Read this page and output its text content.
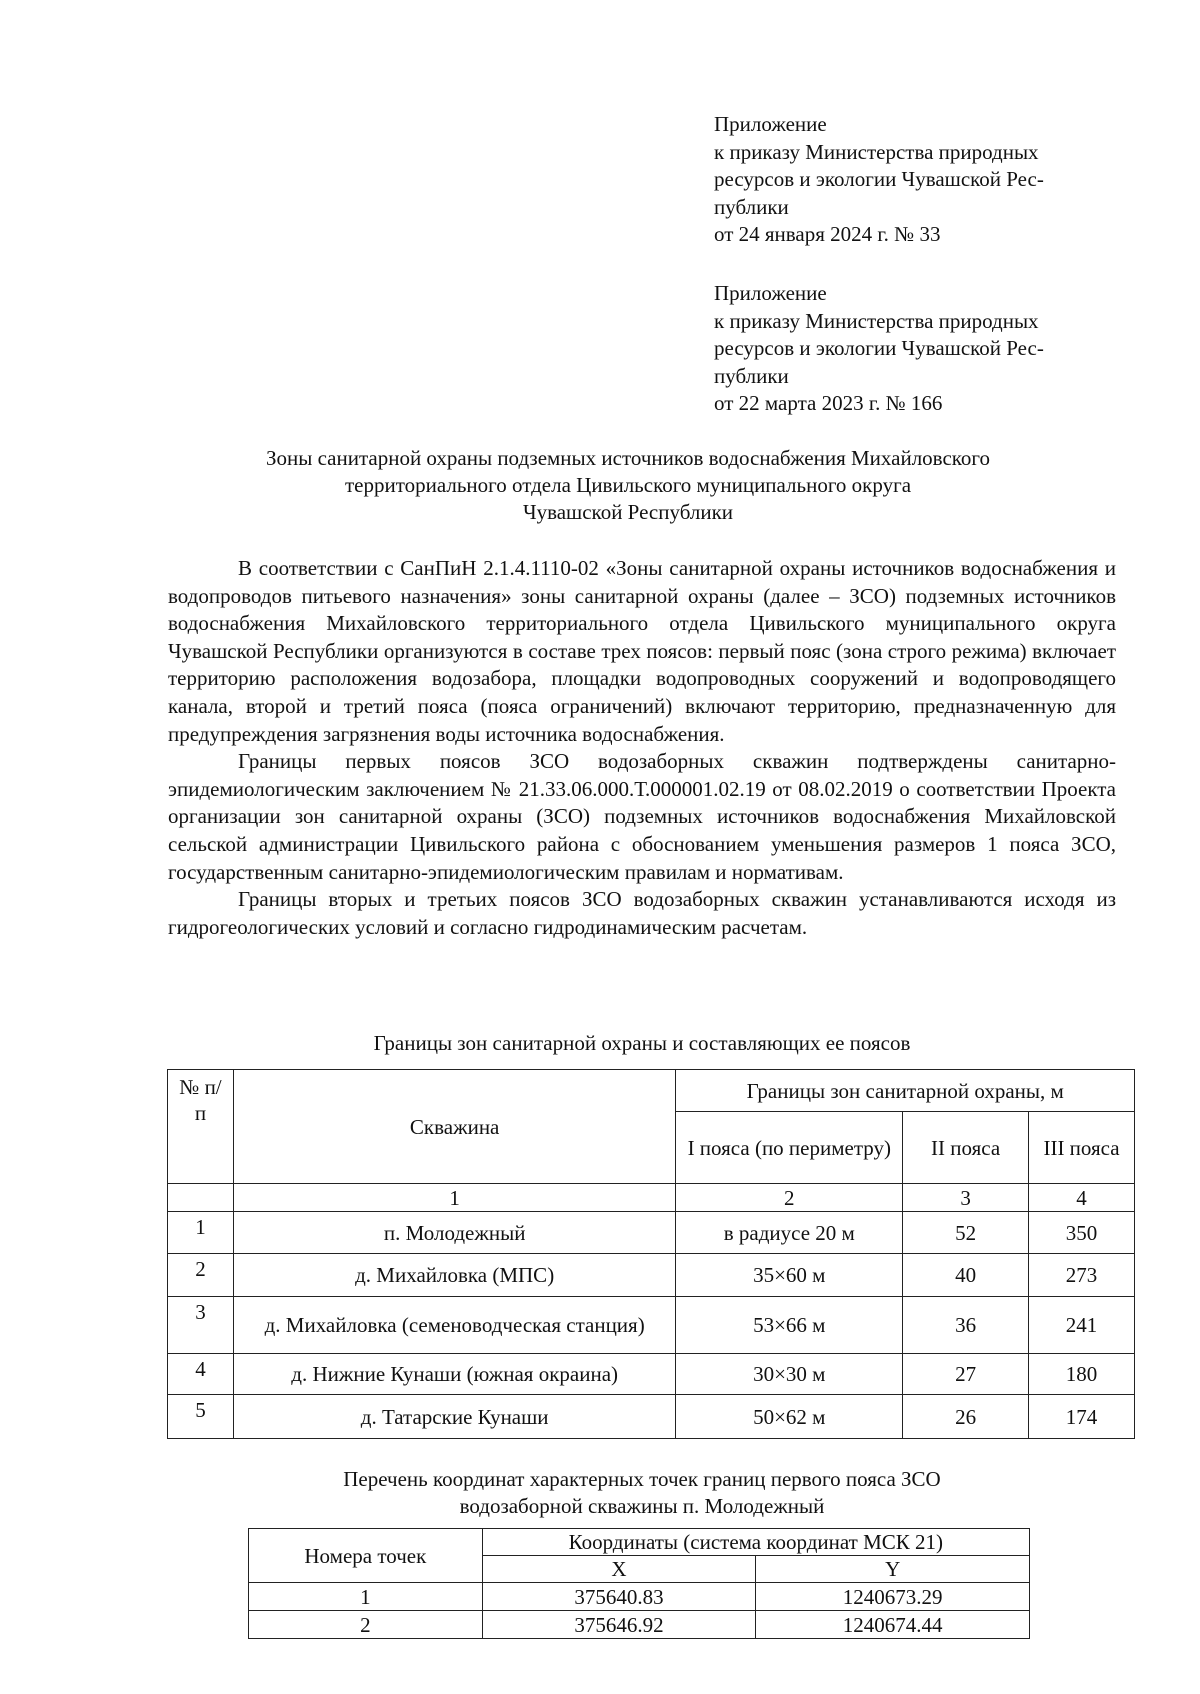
Приложение
к приказу Министерства природных
ресурсов и экологии Чувашской Рес-
публики
от 24 января 2024 г. № 33
Приложение
к приказу Министерства природных
ресурсов и экологии Чувашской Рес-
публики
от 22 марта 2023 г. № 166
Зоны санитарной охраны подземных источников водоснабжения Михайловского
территориального отдела Цивильского муниципального округа
Чувашской Республики

В соответствии с СанПиН 2.1.4.1110-02 «Зоны санитарной охраны источников водоснабжения и водопроводов питьевого назначения» зоны санитарной охраны (далее – ЗСО) подземных источников водоснабжения Михайловского территориального отдела Цивильского муниципального округа Чувашской Республики организуются в составе трех поясов: первый пояс (зона строго режима) включает территорию расположения водозабора, площадки водопроводных сооружений и водопроводящего канала, второй и третий пояса (пояса ограничений) включают территорию, предназначенную для предупреждения загрязнения воды источника водоснабжения.

Границы первых поясов ЗСО водозаборных скважин подтверждены санитарно-эпидемиологическим заключением № 21.33.06.000.Т.000001.02.19 от 08.02.2019 о соответствии Проекта организации зон санитарной охраны (ЗСО) подземных источников водоснабжения Михайловской сельской администрации Цивильского района с обоснованием уменьшения размеров 1 пояса ЗСО, государственным санитарно-эпидемиологическим правилам и нормативам.

Границы вторых и третьих поясов ЗСО водозаборных скважин устанавливаются исходя из гидрогеологических условий и согласно гидродинамическим расчетам.

Границы зон санитарной охраны и составляющих ее поясов
№ п/п	Скважина	Границы зон санитарной охраны, м		
		I пояса (по периметру)	II пояса	III пояса
	1	2	3	4
1	п. Молодежный	в радиусе 20 м	52	350
2	д. Михайловка (МПС)	35×60 м	40	273
3	д. Михайловка (семеноводческая станция)	53×66 м	36	241
4	д. Нижние Кунаши (южная окраина)	30×30 м	27	180
5	д. Татарские Кунаши	50×62 м	26	174
Перечень координат характерных точек границ первого пояса ЗСО
водозаборной скважины п. Молодежный
Номера точек	Координаты (система координат МСК 21)	
	X	Y
1	375640.83	1240673.29
2	375646.92	1240674.44
